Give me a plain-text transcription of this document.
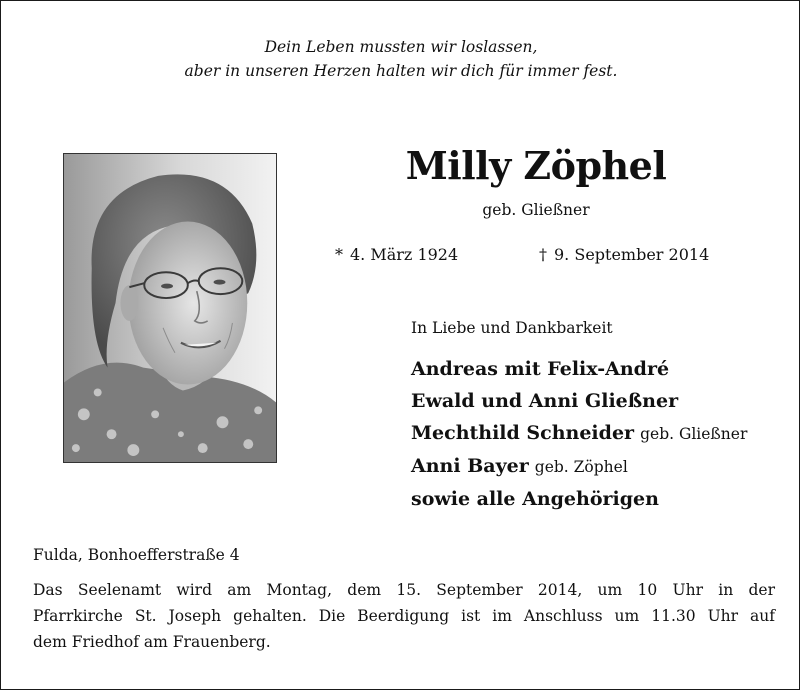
Dein Leben mussten wir loslassen,
aber in unseren Herzen halten wir dich für immer fest.
Milly Zöphel
geb. Gließner
* 4. März 1924	† 9. September 2014
In Liebe und Dankbarkeit
Andreas mit Felix-André
Ewald und Anni Gließner
Mechthild Schneider geb. Gließner
Anni Bayer geb. Zöphel
sowie alle Angehörigen
Fulda, Bonhoefferstraße 4
Das Seelenamt wird am Montag, dem 15. September 2014, um 10 Uhr in der
Pfarrkirche St. Joseph gehalten. Die Beerdigung ist im Anschluss um 11.30 Uhr auf
dem Friedhof am Frauenberg.
